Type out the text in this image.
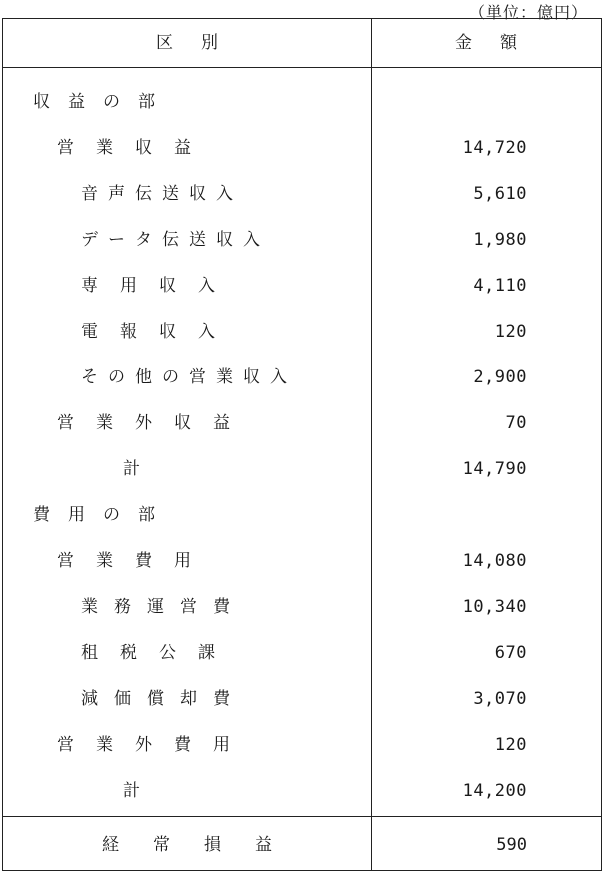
（単位：億円）
区別	金額
収益の部
営業収益	14,720
音声伝送収入	5,610
データ伝送収入	1,980
専用収入	4,110
電報収入	120
その他の営業収入	2,900
営業外収益	70
計	14,790
費用の部
営業費用	14,080
業務運営費	10,340
租税公課	670
減価償却費	3,070
営業外費用	120
計	14,200
経常損益	590
